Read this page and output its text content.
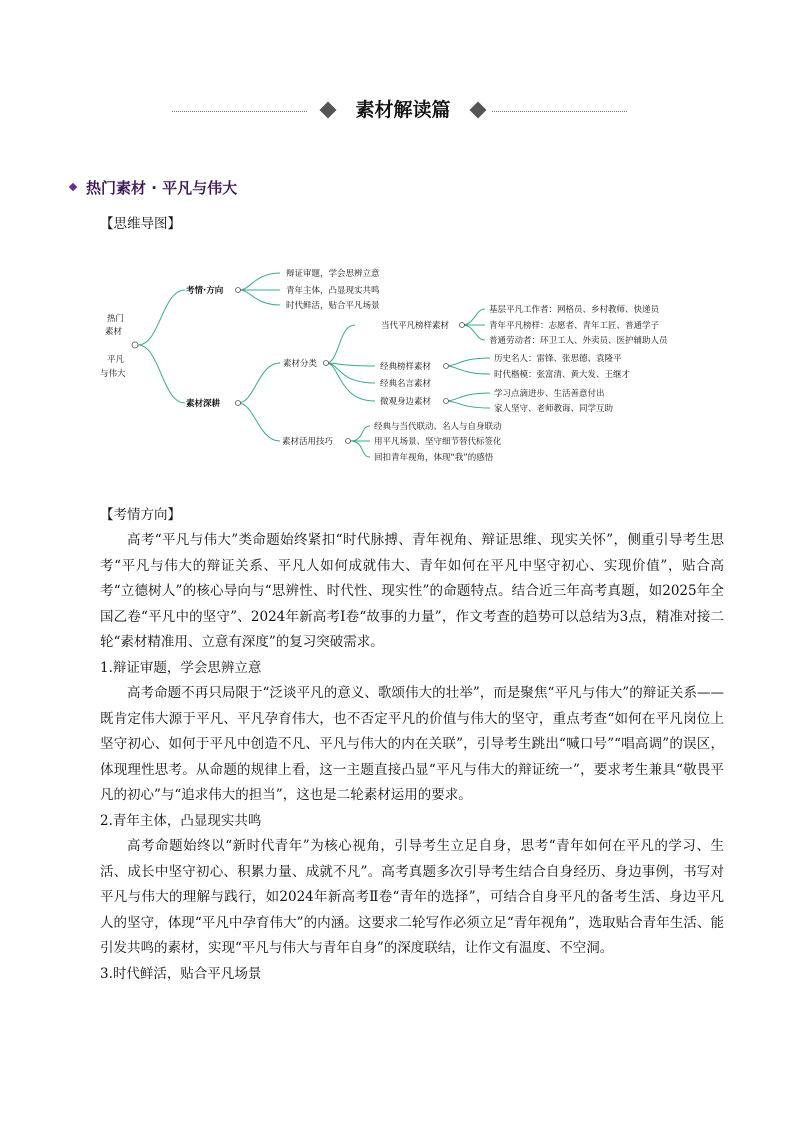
素材解读篇
热门素材 · 平凡与伟大
【思维导图】
热门
素材
平凡
与伟大
考情·方向
辩证审题，学会思辨立意
青年主体，凸显现实共鸣
时代鲜活，贴合平凡场景
素材深耕
素材分类
素材活用技巧
当代平凡榜样素材
基层平凡工作者：网格员、乡村教师、快递员
青年平凡榜样：志愿者、青年工匠、普通学子
普通劳动者：环卫工人、外卖员、医护辅助人员
经典榜样素材
历史名人：雷锋、张思德、袁隆平
时代楷模：张富清、黄大发、王继才
经典名言素材
微观身边素材
学习点滴进步、生活善意付出
家人坚守、老师教诲、同学互助
经典与当代联动、名人与自身联动
用平凡场景、坚守细节替代标签化
回扣青年视角，体现“我”的感悟
【考情方向】

高考“平凡与伟大”类命题始终紧扣“时代脉搏、青年视角、辩证思维、现实关怀”，侧重引导考生思考“平凡与伟大的辩证关系、平凡人如何成就伟大、青年如何在平凡中坚守初心、实现价值”，贴合高考“立德树人”的核心导向与“思辨性、时代性、现实性”的命题特点。结合近三年高考真题，如2025年全国乙卷“平凡中的坚守”、2024年新高考Ⅰ卷“故事的力量”，作文考查的趋势可以总结为3点，精准对接二轮“素材精准用、立意有深度”的复习突破需求。

1.辩证审题，学会思辨立意

高考命题不再只局限于“泛谈平凡的意义、歌颂伟大的壮举”，而是聚焦“平凡与伟大”的辩证关系——既肯定伟大源于平凡、平凡孕育伟大，也不否定平凡的价值与伟大的坚守，重点考查“如何在平凡岗位上坚守初心、如何于平凡中创造不凡、平凡与伟大的内在关联”，引导考生跳出“喊口号”“唱高调”的误区，体现理性思考。从命题的规律上看，这一主题直接凸显“平凡与伟大的辩证统一”，要求考生兼具“敬畏平凡的初心”与“追求伟大的担当”，这也是二轮素材运用的要求。

2.青年主体，凸显现实共鸣

高考命题始终以“新时代青年”为核心视角，引导考生立足自身，思考“青年如何在平凡的学习、生活、成长中坚守初心、积累力量、成就不凡”。高考真题多次引导考生结合自身经历、身边事例，书写对平凡与伟大的理解与践行，如2024年新高考Ⅱ卷“青年的选择”，可结合自身平凡的备考生活、身边平凡人的坚守，体现“平凡中孕育伟大”的内涵。这要求二轮写作必须立足“青年视角”，选取贴合青年生活、能引发共鸣的素材，实现“平凡与伟大与青年自身”的深度联结，让作文有温度、不空洞。

3.时代鲜活，贴合平凡场景
